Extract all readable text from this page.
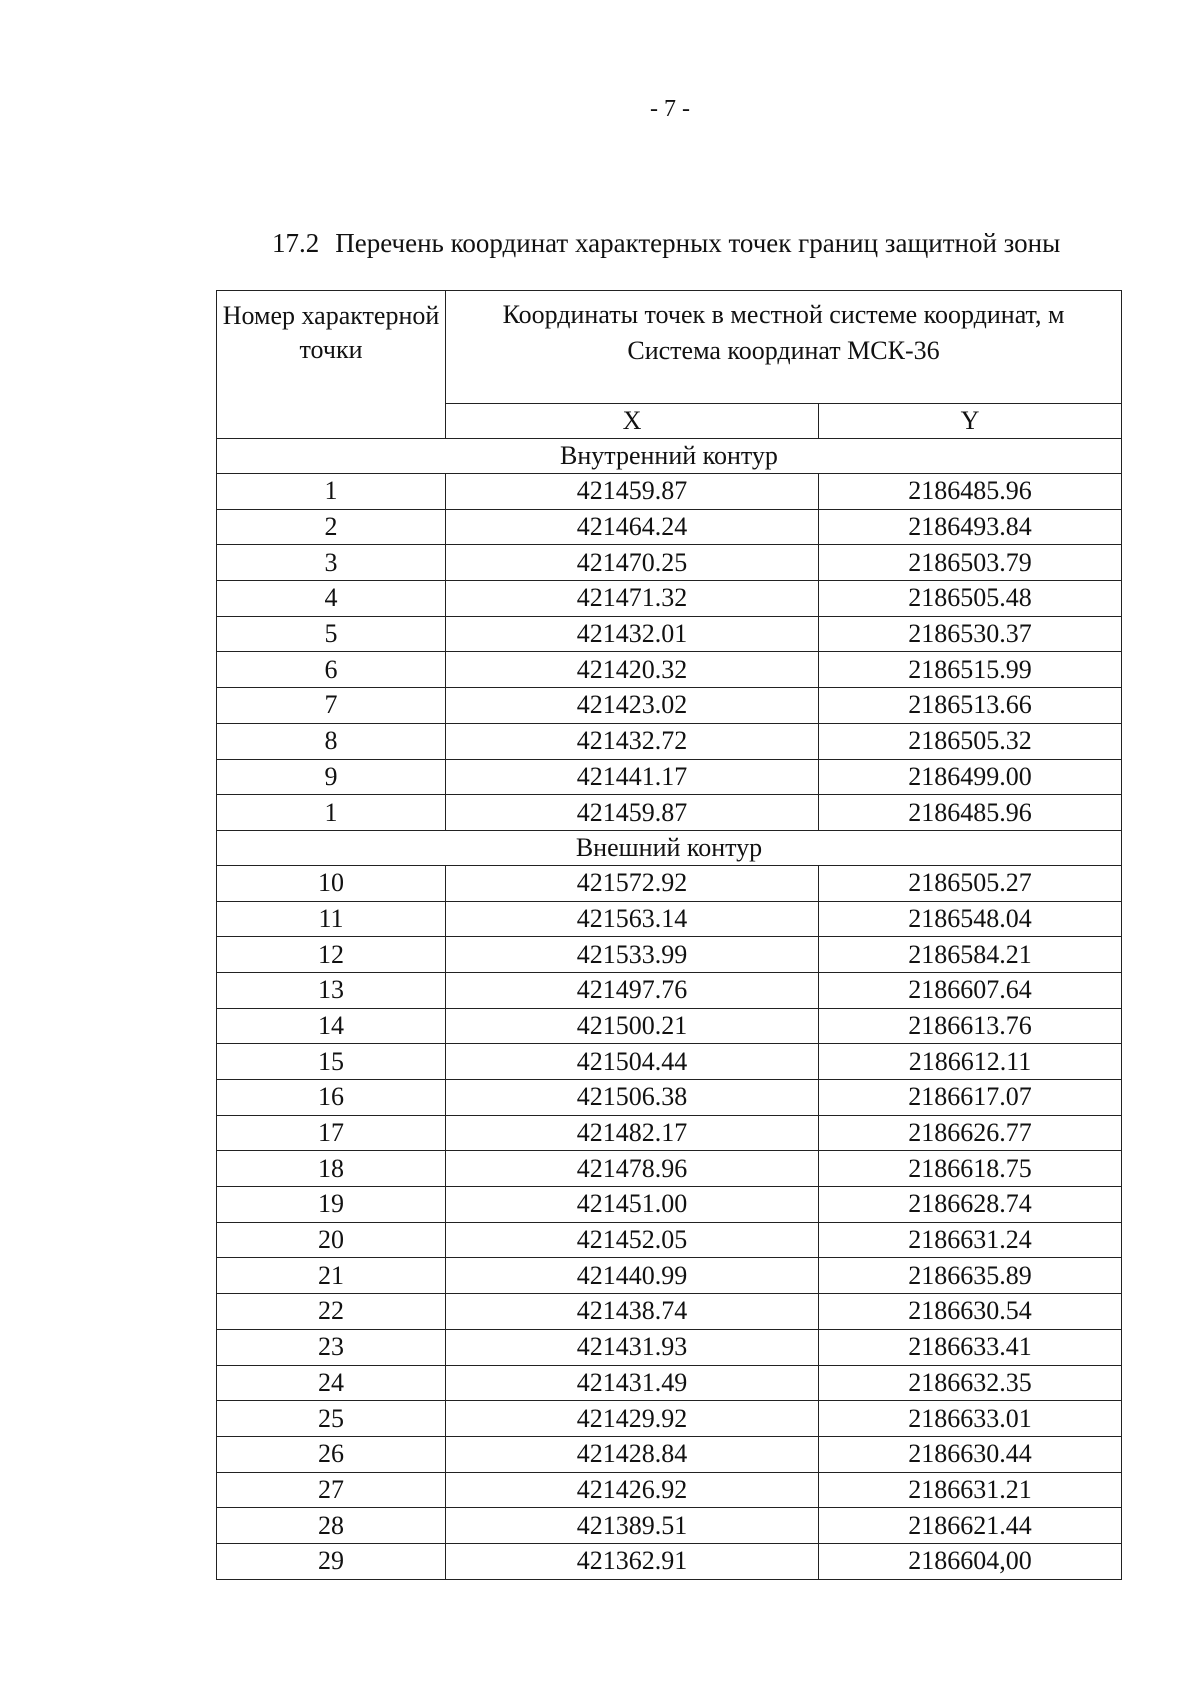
- 7 -
17.2 Перечень координат характерных точек границ защитной зоны
Номер характерной точки	Координаты точек в местной системе координат, м
Система координат МСК-36	

	X	Y
Внутренний контур		
1	421459.87	2186485.96
2	421464.24	2186493.84
3	421470.25	2186503.79
4	421471.32	2186505.48
5	421432.01	2186530.37
6	421420.32	2186515.99
7	421423.02	2186513.66
8	421432.72	2186505.32
9	421441.17	2186499.00
1	421459.87	2186485.96
Внешний контур		
10	421572.92	2186505.27
11	421563.14	2186548.04
12	421533.99	2186584.21
13	421497.76	2186607.64
14	421500.21	2186613.76
15	421504.44	2186612.11
16	421506.38	2186617.07
17	421482.17	2186626.77
18	421478.96	2186618.75
19	421451.00	2186628.74
20	421452.05	2186631.24
21	421440.99	2186635.89
22	421438.74	2186630.54
23	421431.93	2186633.41
24	421431.49	2186632.35
25	421429.92	2186633.01
26	421428.84	2186630.44
27	421426.92	2186631.21
28	421389.51	2186621.44
29	421362.91	2186604,00
